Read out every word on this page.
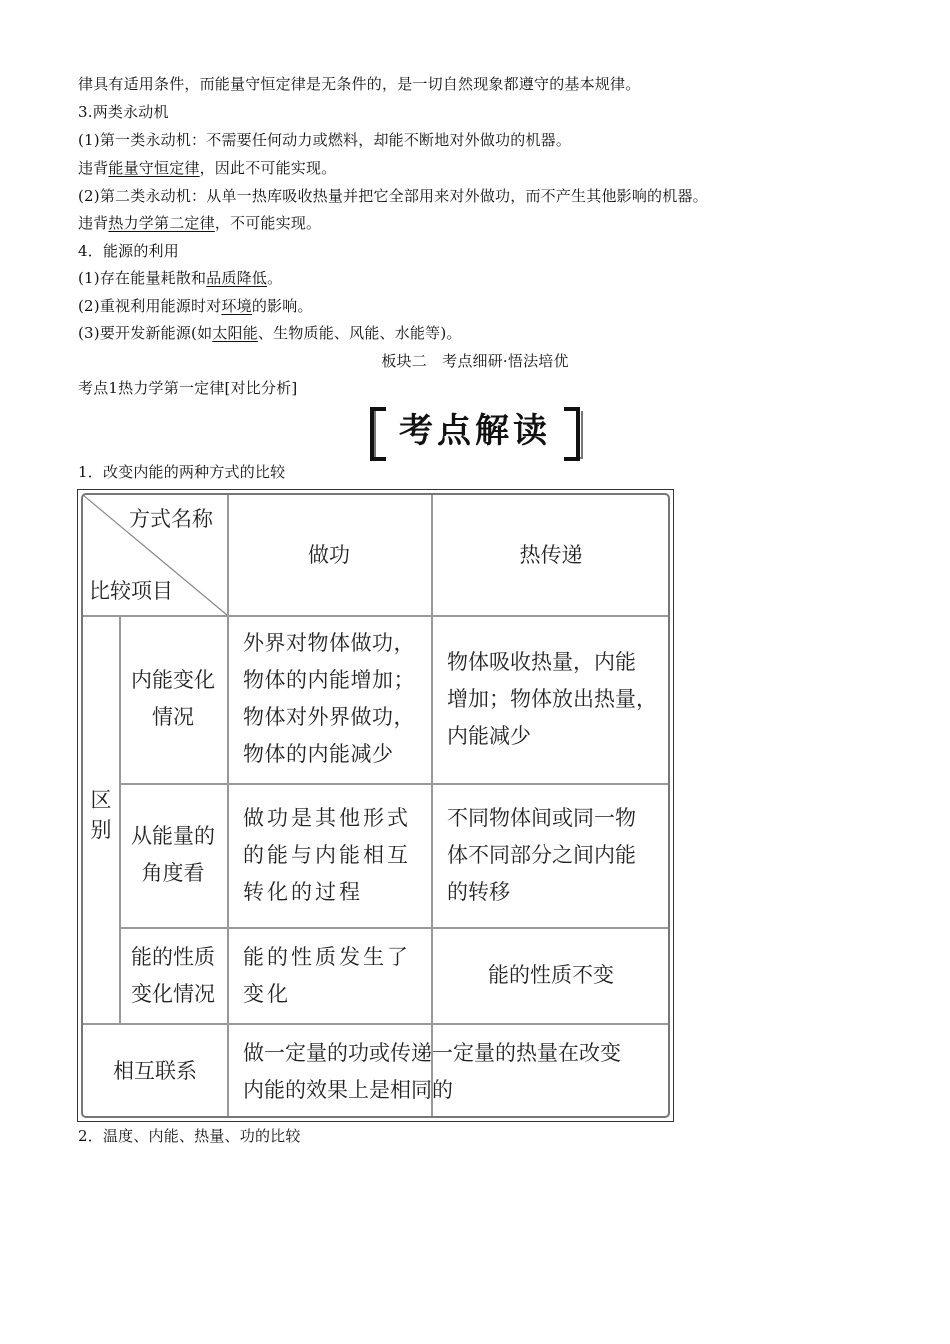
律具有适用条件，而能量守恒定律是无条件的，是一切自然现象都遵守的基本规律。
3.两类永动机
(1)第一类永动机：不需要任何动力或燃料，却能不断地对外做功的机器。
违背能量守恒定律，因此不可能实现。
(2)第二类永动机：从单一热库吸收热量并把它全部用来对外做功，而不产生其他影响的机器。
违背热力学第二定律，不可能实现。
4．能源的利用
(1)存在能量耗散和品质降低。
(2)重视利用能源时对环境的影响。
(3)要开发新能源(如太阳能、生物质能、风能、水能等)。
板块二　考点细研·悟法培优
考点1热力学第一定律[对比分析]
考点解读
1．改变内能的两种方式的比较
方式名称
比较项目
做功	热传递
区
别
内能变化
情况
外界对物体做功，
物体的内能增加；
物体对外界做功，
物体的内能减少
物体吸收热量，内能
增加；物体放出热量，
内能减少
从能量的
角度看
做功是其他形式
的能与内能相互
转化的过程
不同物体间或同一物
体不同部分之间内能
的转移
能的性质
变化情况
能的性质发生了
变化
能的性质不变
相互联系
做一定量的功或传递一定量的热量在改变
内能的效果上是相同的
2．温度、内能、热量、功的比较
